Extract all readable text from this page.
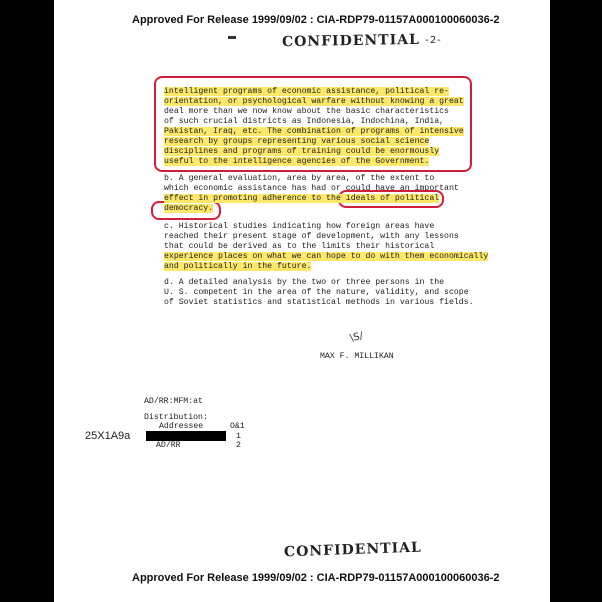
Approved For Release 1999/09/02 : CIA-RDP79-01157A000100060036-2
CONFIDENTIAL -2-
intelligent programs of economic assistance, political re-
orientation, or psychological warfare without knowing a great
deal more than we now know about the basic characteristics
of such crucial districts as Indonesia, Indochina, India,
Pakistan, Iraq, etc. The combination of programs of intensive
research by groups representing various social science
disciplines and programs of training could be enormously
useful to the intelligence agencies of the Government.
b. A general evaluation, area by area, of the extent to
which economic assistance has had or could have an important
effect in promoting adherence to the ideals of political
democracy.
c. Historical studies indicating how foreign areas have
reached their present stage of development, with any lessons
that could be derived as to the limits their historical
experience places on what we can hope to do with them economically
and politically in the future.
d. A detailed analysis by the two or three persons in the
U. S. competent in the area of the nature, validity, and scope
of Soviet statistics and statistical methods in various fields.
\S/
MAX F. MILLIKAN
AD/RR:MFM:at
Distribution:
Addressee	O&1
1
AD/RR	2
CONFIDENTIAL
Approved For Release 1999/09/02 : CIA-RDP79-01157A000100060036-2
25X1A9a
